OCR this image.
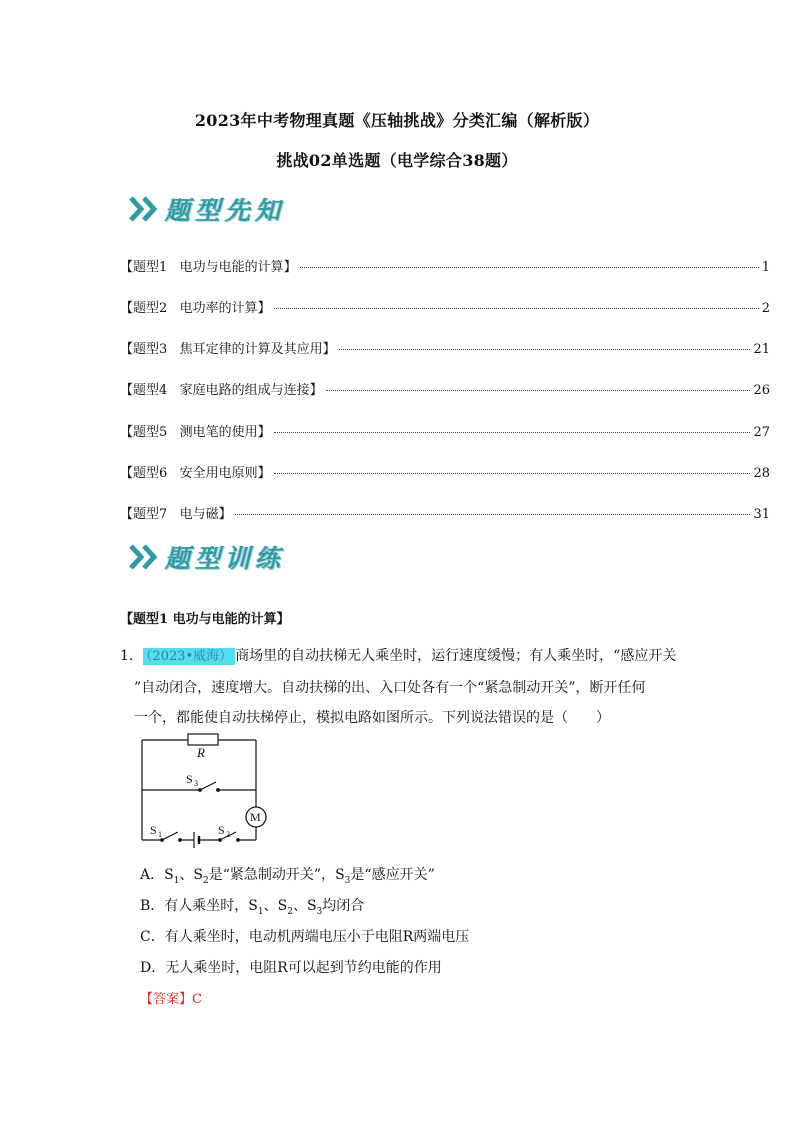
2023年中考物理真题《压轴挑战》分类汇编（解析版）
挑战02单选题（电学综合38题）
题型先知
【题型1   电功与电能的计算】	1
【题型2   电功率的计算】	2
【题型3   焦耳定律的计算及其应用】	21
【题型4   家庭电路的组成与连接】	26
【题型5   测电笔的使用】	27
【题型6   安全用电原则】	28
【题型7   电与磁】	31
题型训练
【题型1 电功与电能的计算】
1． （2023•威海） 商场里的自动扶梯无人乘坐时，运行速度缓慢；有人乘坐时，“感应开关
”自动闭合，速度增大。自动扶梯的出、入口处各有一个“紧急制动开关”，断开任何
一个，都能使自动扶梯停止，模拟电路如图所示。下列说法错误的是（　　）
R
S 3
M
S 1	S 2
A．$S_1$、$S_2$是“紧急制动开关”，$S_3$是“感应开关”
B．有人乘坐时，$S_1$、$S_2$、$S_3$均闭合
C．有人乘坐时，电动机两端电压小于电阻R两端电压
D．无人乘坐时，电阻R可以起到节约电能的作用
【答案】C
